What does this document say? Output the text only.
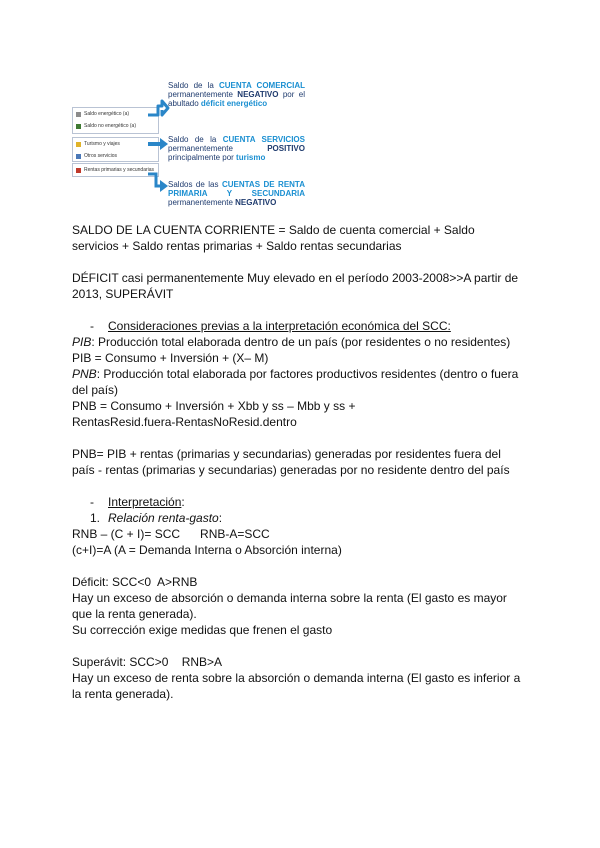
Saldo energético (a)
Saldo no energético (a)
Turismo y viajes
Otros servicios
Rentas primarias y secundarias
Saldo de la CUENTA COMERCIAL permanentemente NEGATIVO por el abultado déficit energético
Saldo de la CUENTA SERVICIOS permanentemente POSITIVO principalmente por turismo
Saldos de las CUENTAS DE RENTA PRIMARIA Y SECUNDARIA permanentemente NEGATIVO
SALDO DE LA CUENTA CORRIENTE = Saldo de cuenta comercial + Saldo
servicios + Saldo rentas primarias + Saldo rentas secundarias
DÉFICIT casi permanentemente Muy elevado en el período 2003-2008>>A partir de
2013, SUPERÁVIT
- Consideraciones previas a la interpretación económica del SCC:
PIB: Producción total elaborada dentro de un país (por residentes o no residentes)
PIB = Consumo + Inversión + (X– M)
PNB: Producción total elaborada por factores productivos residentes (dentro o fuera
del país)
PNB = Consumo + Inversión + Xbb y ss – Mbb y ss +
RentasResid.fuera-RentasNoResid.dentro
PNB= PIB + rentas (primarias y secundarias) generadas por residentes fuera del
país - rentas (primarias y secundarias) generadas por no residente dentro del país
- Interpretación:
1. Relación renta-gasto:
RNB – (C + I)= SCC      RNB-A=SCC
(c+I)=A (A = Demanda Interna o Absorción interna)
Déficit: SCC<0  A>RNB
Hay un exceso de absorción o demanda interna sobre la renta (El gasto es mayor
que la renta generada).
Su corrección exige medidas que frenen el gasto
Superávit: SCC>0    RNB>A
Hay un exceso de renta sobre la absorción o demanda interna (El gasto es inferior a
la renta generada).
